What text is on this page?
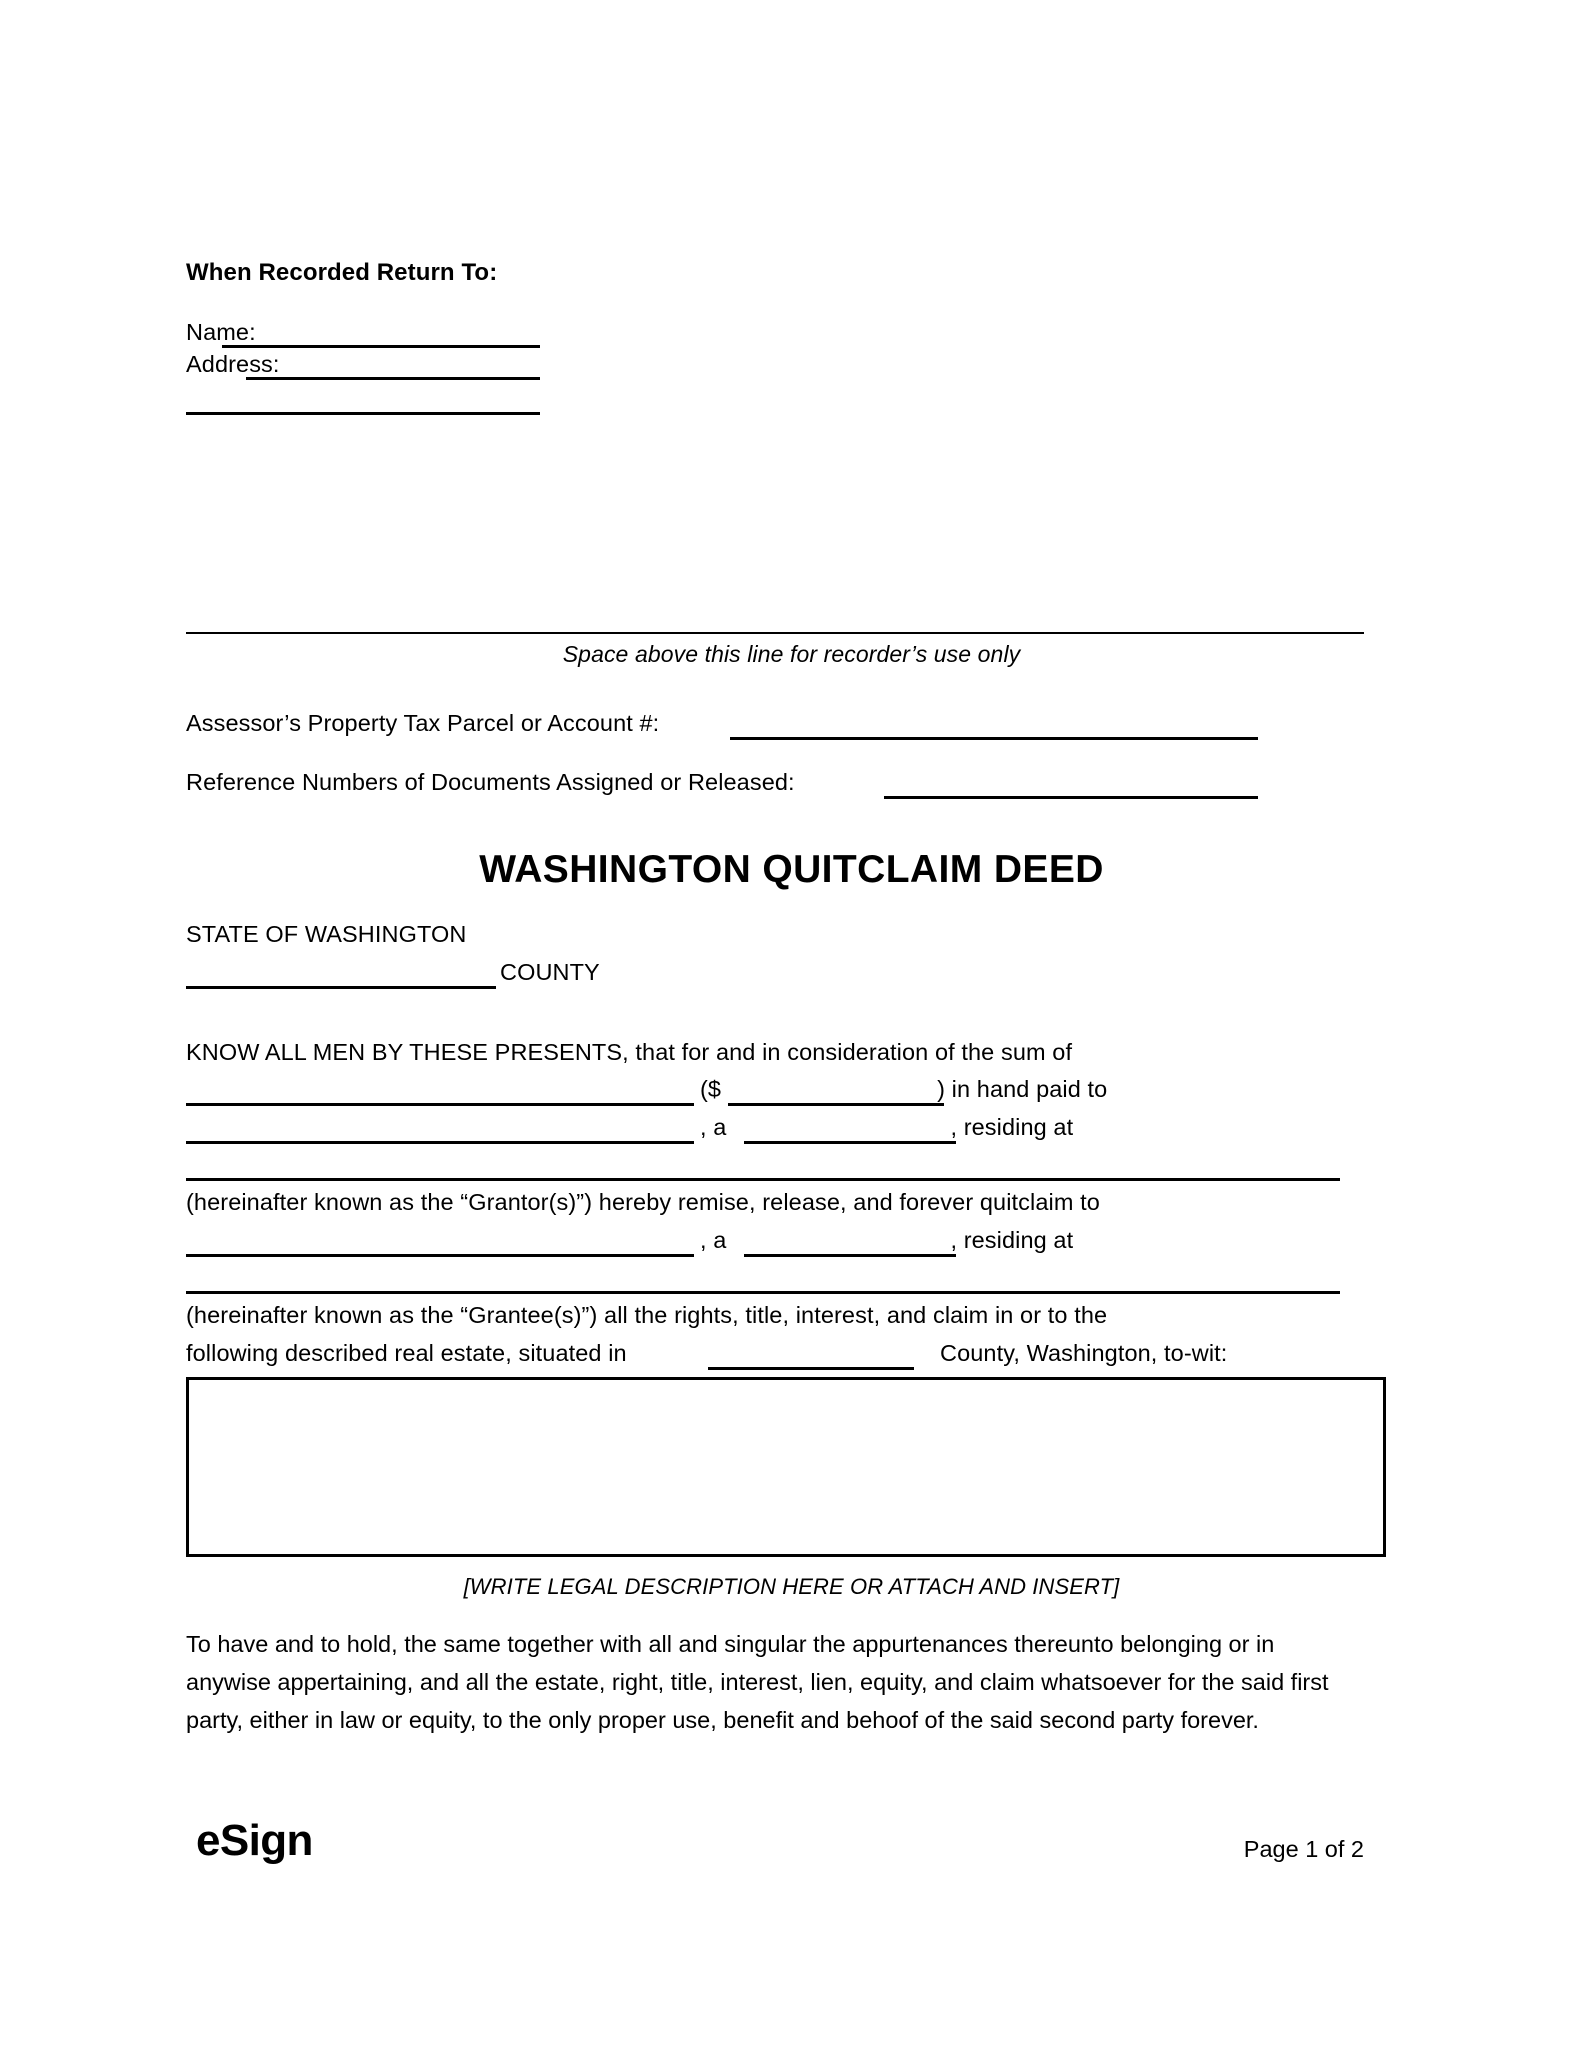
When Recorded Return To:
Name:
Address:
Space above this line for recorder’s use only
Assessor’s Property Tax Parcel or Account #:
Reference Numbers of Documents Assigned or Released:
WASHINGTON QUITCLAIM DEED
STATE OF WASHINGTON
COUNTY
KNOW ALL MEN BY THESE PRESENTS, that for and in consideration of the sum of
($	) in hand paid to
, a	, residing at
(hereinafter known as the “Grantor(s)”) hereby remise, release, and forever quitclaim to
, a	, residing at
(hereinafter known as the “Grantee(s)”) all the rights, title, interest, and claim in or to the
following described real estate, situated in	County, Washington, to-wit:
[WRITE LEGAL DESCRIPTION HERE OR ATTACH AND INSERT]
To have and to hold, the same together with all and singular the appurtenances thereunto belonging or in anywise appertaining, and all the estate, right, title, interest, lien, equity, and claim whatsoever for the said first party, either in law or equity, to the only proper use, benefit and behoof of the said second party forever.
eSign	Page 1 of 2
